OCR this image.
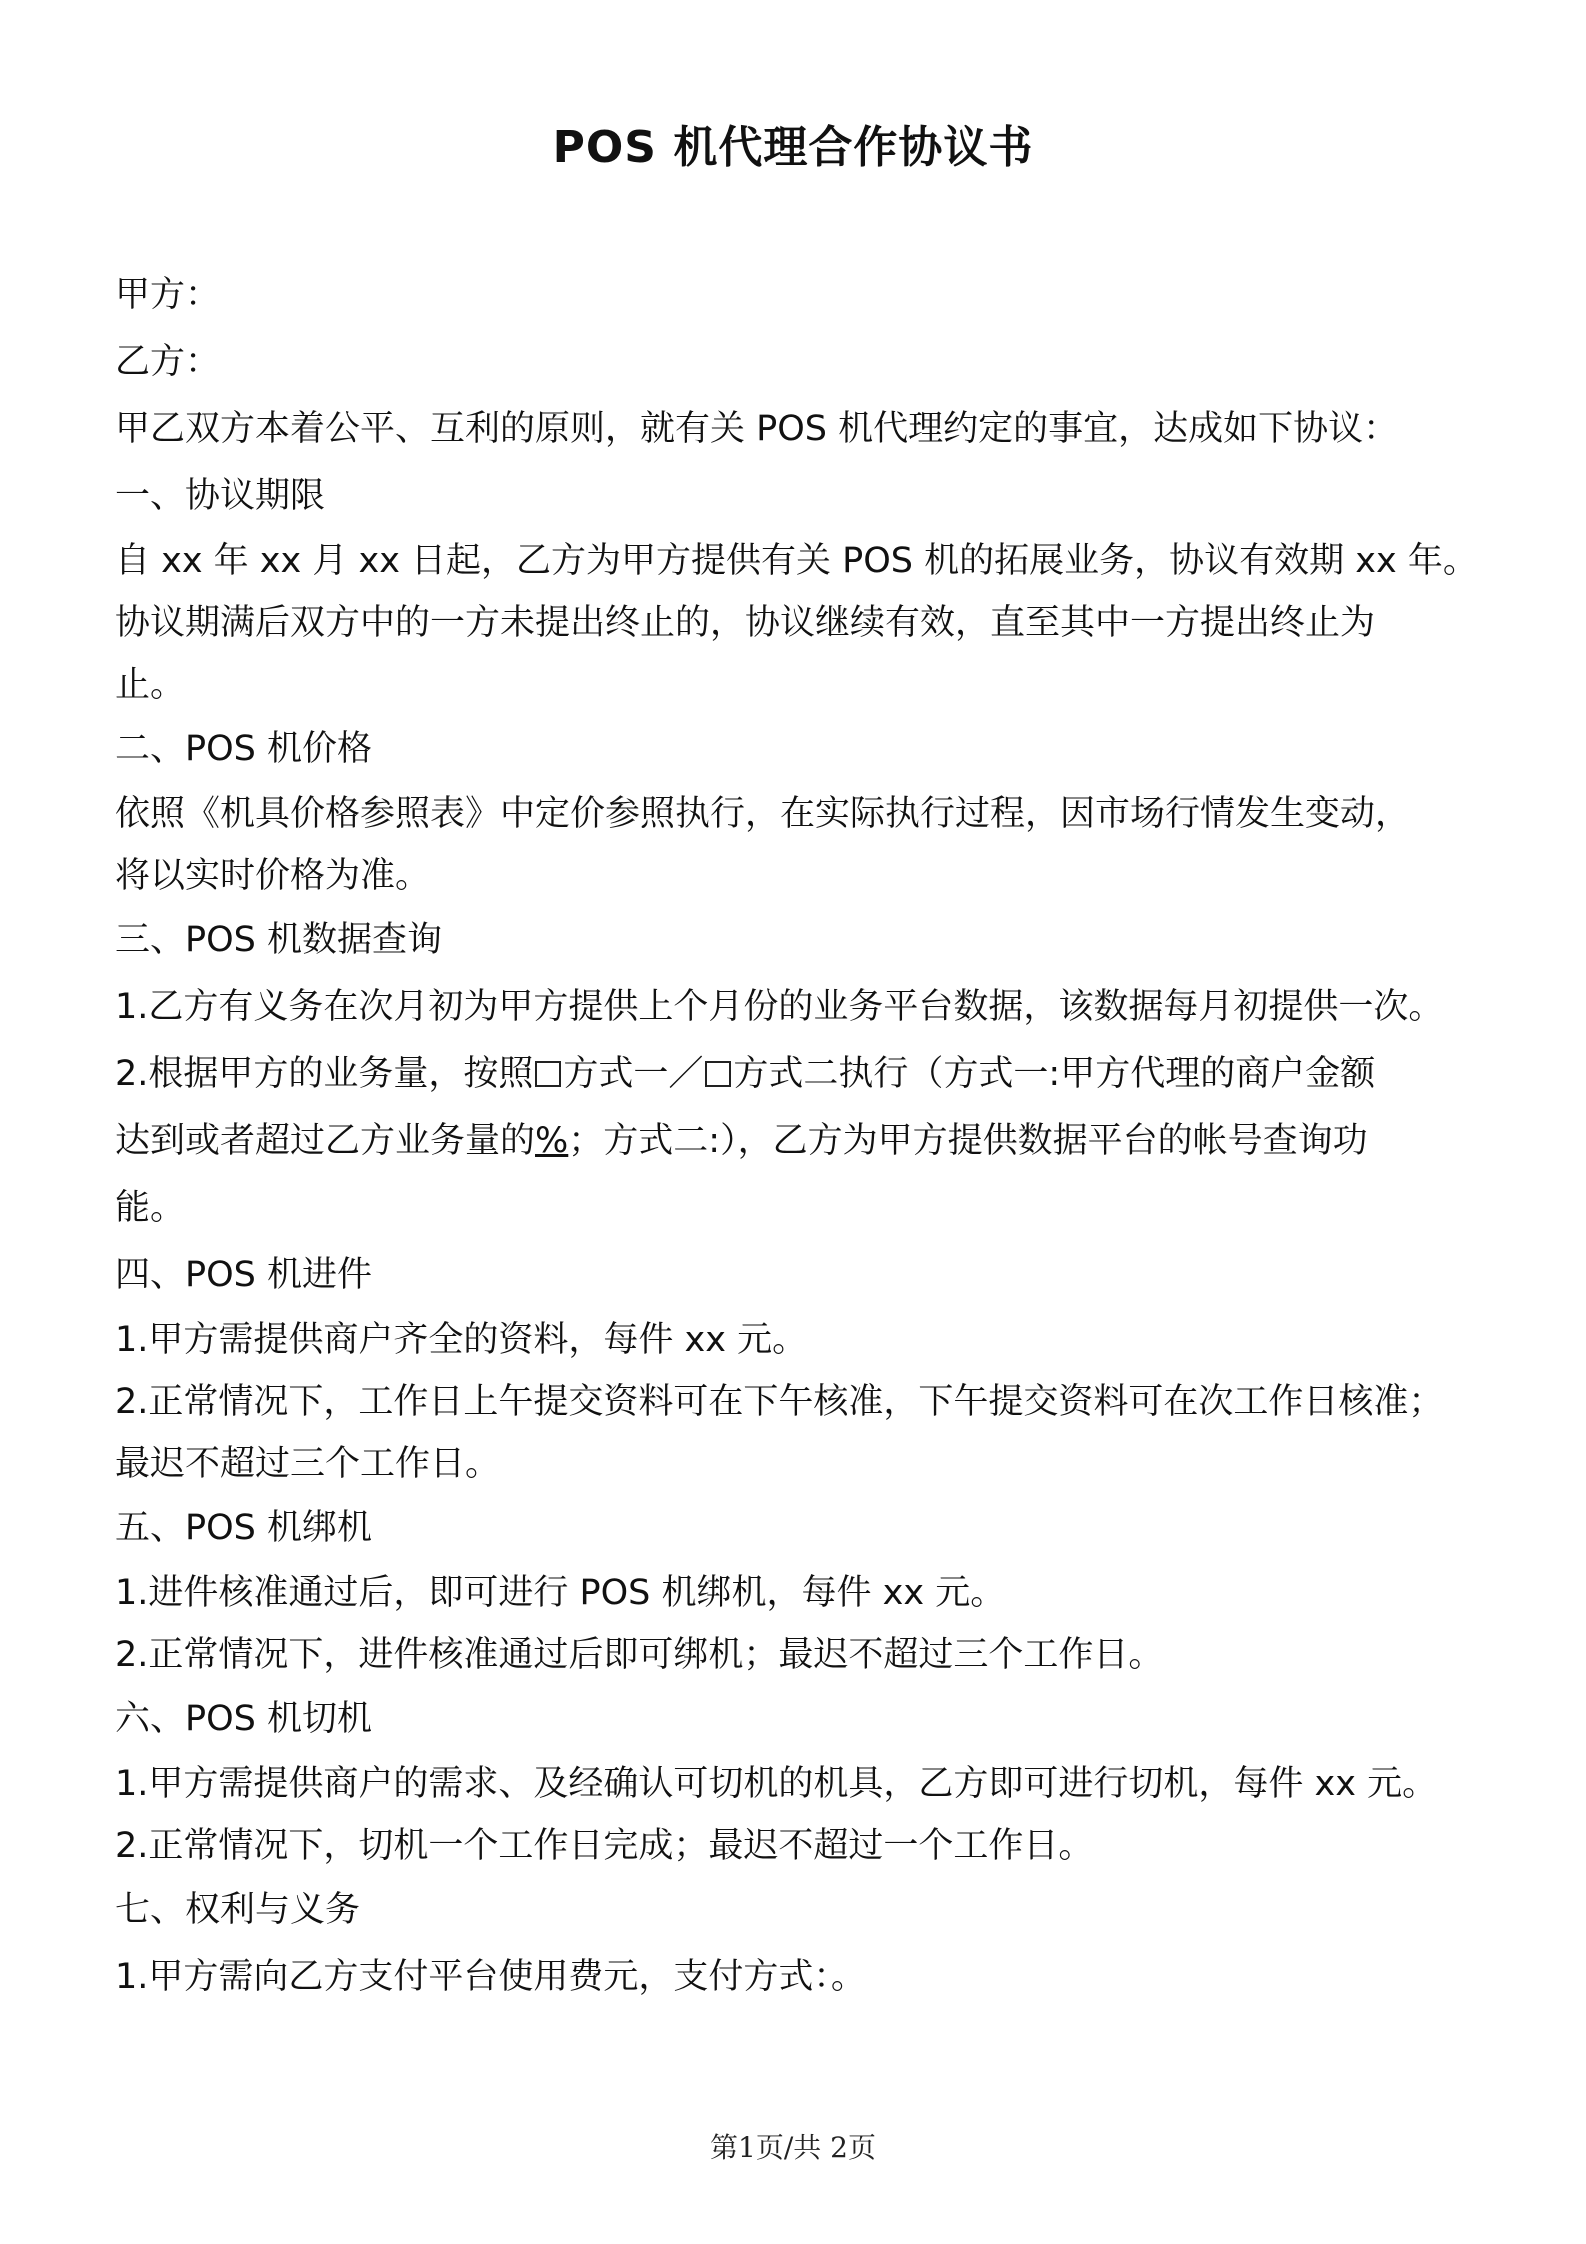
POS 机代理合作协议书
甲方：
乙方：
甲乙双方本着公平、互利的原则，就有关 POS 机代理约定的事宜，达成如下协议：
一、协议期限
自 xx 年 xx 月 xx 日起，乙方为甲方提供有关 POS 机的拓展业务，协议有效期 xx 年。
协议期满后双方中的一方未提出终止的，协议继续有效，直至其中一方提出终止为
止。
二、POS 机价格
依照《机具价格参照表》中定价参照执行，在实际执行过程，因市场行情发生变动，
将以实时价格为准。
三、POS 机数据查询
1.乙方有义务在次月初为甲方提供上个月份的业务平台数据，该数据每月初提供一次。
2.根据甲方的业务量，按照 方式一／ 方式二执行（方式一:甲方代理的商户金额
达到或者超过乙方业务量的%；方式二:），乙方为甲方提供数据平台的帐号查询功
能。
四、POS 机进件
1.甲方需提供商户齐全的资料，每件 xx 元。
2.正常情况下，工作日上午提交资料可在下午核准，下午提交资料可在次工作日核准；
最迟不超过三个工作日。
五、POS 机绑机
1.进件核准通过后，即可进行 POS 机绑机，每件 xx 元。
2.正常情况下，进件核准通过后即可绑机；最迟不超过三个工作日。
六、POS 机切机
1.甲方需提供商户的需求、及经确认可切机的机具，乙方即可进行切机，每件 xx 元。
2.正常情况下，切机一个工作日完成；最迟不超过一个工作日。
七、权利与义务
1.甲方需向乙方支付平台使用费元，支付方式：。
第1页/共 2页
